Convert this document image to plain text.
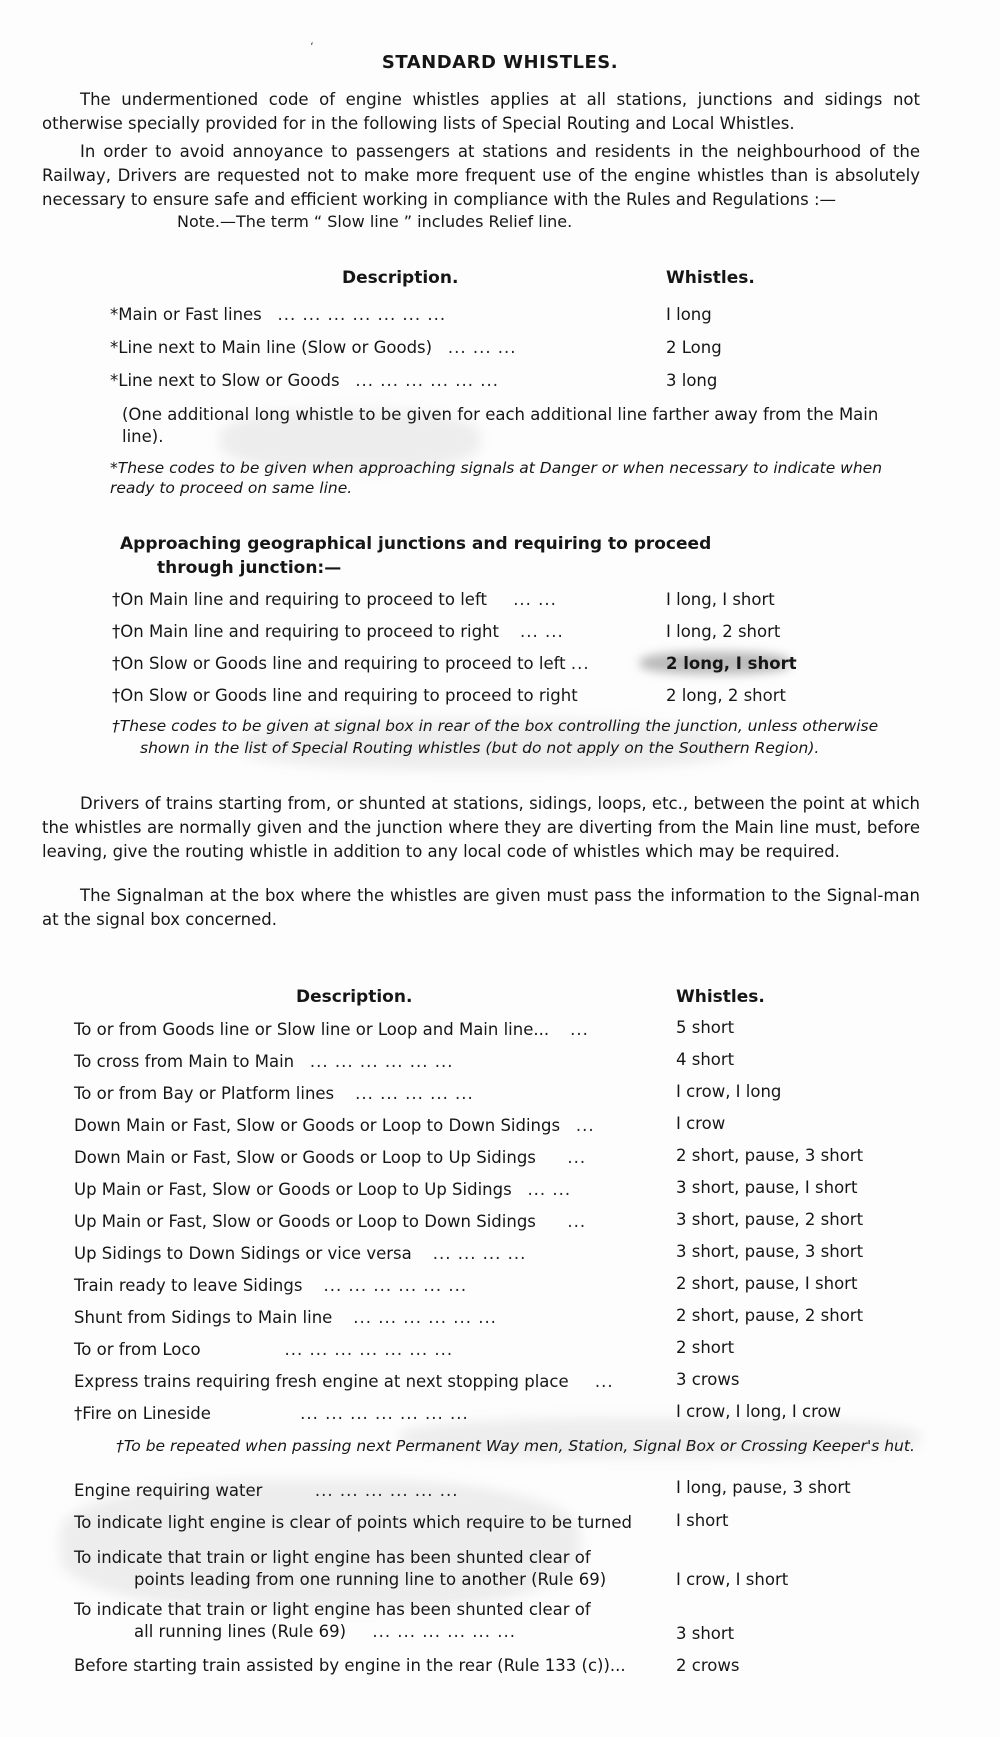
‘
STANDARD WHISTLES.
The undermentioned code of engine whistles applies at all stations, junctions and sidings not otherwise specially provided for in the following lists of Special Routing and Local Whistles.
In order to avoid annoyance to passengers at stations and residents in the neighbourhood of the Railway, Drivers are requested not to make more frequent use of the engine whistles than is absolutely necessary to ensure safe and efficient working in compliance with the Rules and Regulations :—
Note.—The term “ Slow line ” includes Relief line.
Description.	Whistles.
*Main or Fast lines ... ... ... ... ... ... ...	I long
*Line next to Main line (Slow or Goods) ... ... ...	2 Long
*Line next to Slow or Goods ... ... ... ... ... ...	3 long
(One additional long whistle to be given for each additional line farther away from the Main line).
*These codes to be given when approaching signals at Danger or when necessary to indicate when ready to proceed on same line.
Approaching geographical junctions and requiring to proceed
through junction:—
†On Main line and requiring to proceed to left ... ...	I long, I short
†On Main line and requiring to proceed to right ... ...	I long, 2 short
†On Slow or Goods line and requiring to proceed to left ...	2 long, I short
†On Slow or Goods line and requiring to proceed to right	2 long, 2 short
†These codes to be given at signal box in rear of the box controlling the junction, unless otherwise
shown in the list of Special Routing whistles (but do not apply on the Southern Region).
Drivers of trains starting from, or shunted at stations, sidings, loops, etc., between the point at which the whistles are normally given and the junction where they are diverting from the Main line must, before leaving, give the routing whistle in addition to any local code of whistles which may be required.
The Signalman at the box where the whistles are given must pass the information to the Signal-man at the signal box concerned.
Description.	Whistles.
To or from Goods line or Slow line or Loop and Main line... ...	5 short
To cross from Main to Main ... ... ... ... ... ...	4 short
To or from Bay or Platform lines ... ... ... ... ...	I crow, I long
Down Main or Fast, Slow or Goods or Loop to Down Sidings ...	I crow
Down Main or Fast, Slow or Goods or Loop to Up Sidings ...	2 short, pause, 3 short
Up Main or Fast, Slow or Goods or Loop to Up Sidings ... ...	3 short, pause, I short
Up Main or Fast, Slow or Goods or Loop to Down Sidings ...	3 short, pause, 2 short
Up Sidings to Down Sidings or vice versa ... ... ... ...	3 short, pause, 3 short
Train ready to leave Sidings ... ... ... ... ... ...	2 short, pause, I short
Shunt from Sidings to Main line ... ... ... ... ... ...	2 short, pause, 2 short
To or from Loco	... ... ... ... ... ... ...	2 short
Express trains requiring fresh engine at next stopping place ...	3 crows
†Fire on Lineside	... ... ... ... ... ... ...	I crow, I long, I crow
†To be repeated when passing next Permanent Way men, Station, Signal Box or Crossing Keeper's hut.
Engine requiring water	... ... ... ... ... ...	I long, pause, 3 short
To indicate light engine is clear of points which require to be turned	I short
To indicate that train or light engine has been shunted clear of
points leading from one running line to another (Rule 69)	I crow, I short
To indicate that train or light engine has been shunted clear of
all running lines (Rule 69) ... ... ... ... ... ...	3 short
Before starting train assisted by engine in the rear (Rule 133 (c))...	2 crows
